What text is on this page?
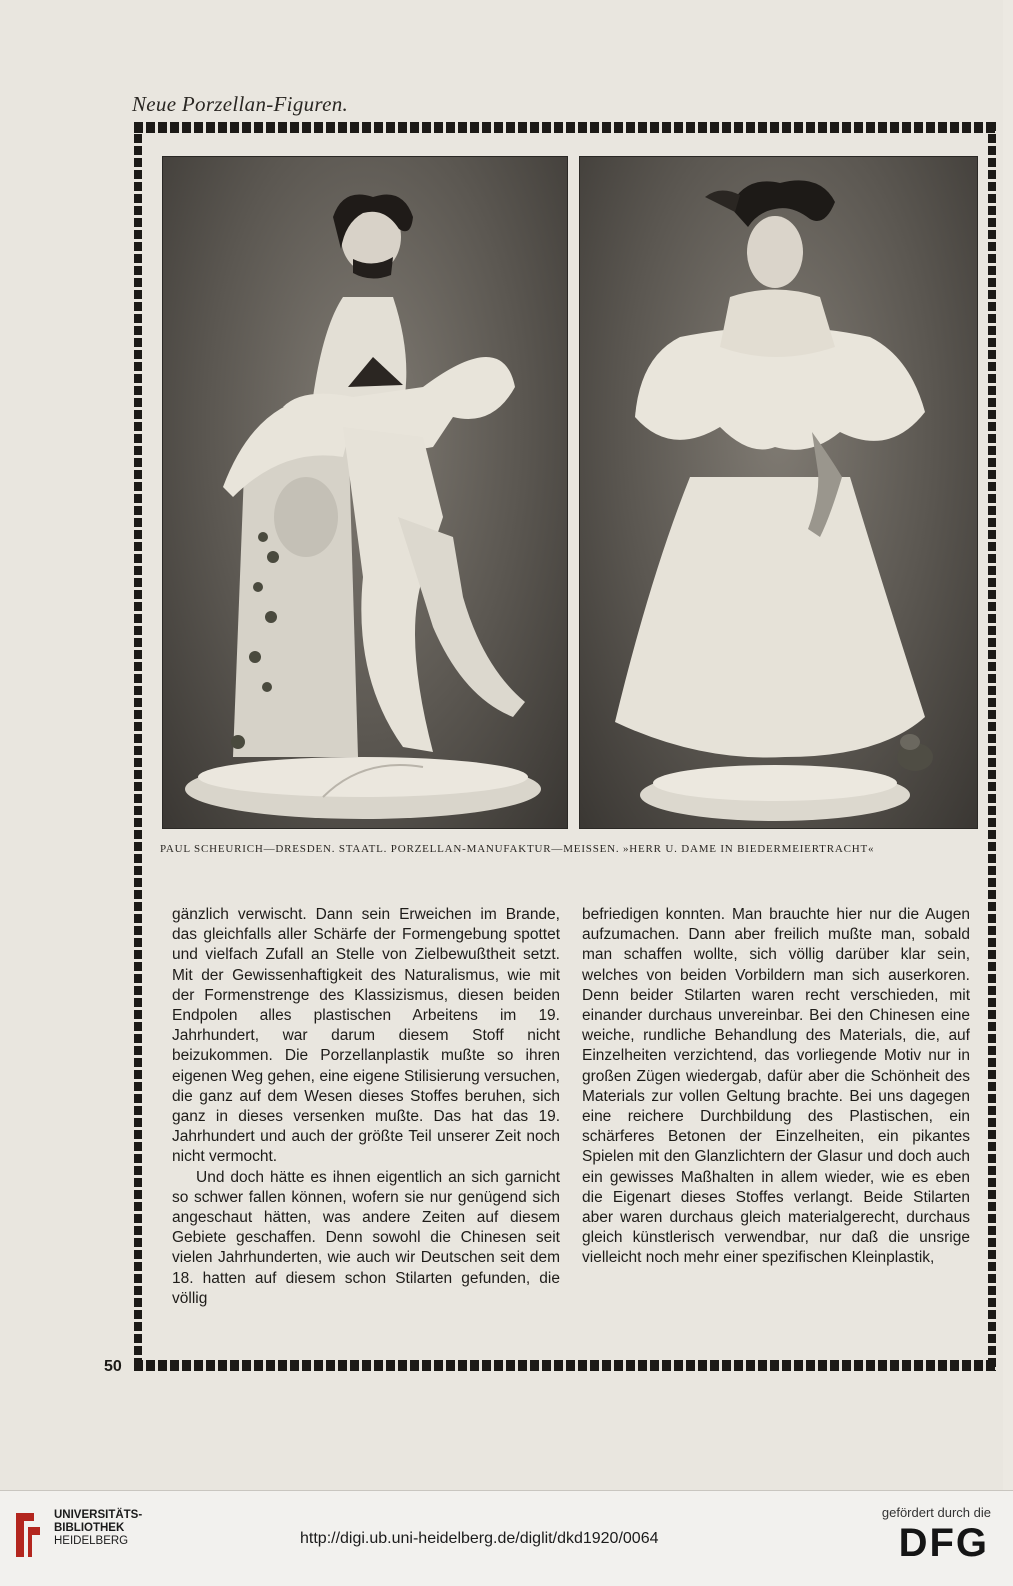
Neue Porzellan-Figuren.
PAUL SCHEURICH—DRESDEN. STAATL. PORZELLAN-MANUFAKTUR—MEISSEN. »HERR U. DAME IN BIEDERMEIERTRACHT«

gänzlich verwischt. Dann sein Erweichen im Brande, das gleichfalls aller Schärfe der Formengebung spottet und vielfach Zufall an Stelle von Zielbewußtheit setzt. Mit der Gewissenhaftigkeit des Naturalismus, wie mit der Formenstrenge des Klassizismus, diesen beiden Endpolen alles plastischen Arbeitens im 19. Jahrhundert, war darum diesem Stoff nicht beizukommen. Die Porzellanplastik mußte so ihren eigenen Weg gehen, eine eigene Stilisierung versuchen, die ganz auf dem Wesen dieses Stoffes beruhen, sich ganz in dieses versenken mußte. Das hat das 19. Jahrhundert und auch der größte Teil unserer Zeit noch nicht vermocht.

Und doch hätte es ihnen eigentlich an sich garnicht so schwer fallen können, wofern sie nur genügend sich angeschaut hätten, was andere Zeiten auf diesem Gebiete geschaffen. Denn sowohl die Chinesen seit vielen Jahrhunderten, wie auch wir Deutschen seit dem 18. hatten auf diesem schon Stilarten gefunden, die völlig

befriedigen konnten. Man brauchte hier nur die Augen aufzumachen. Dann aber freilich mußte man, sobald man schaffen wollte, sich völlig darüber klar sein, welches von beiden Vorbildern man sich auserkoren. Denn beider Stilarten waren recht verschieden, mit einander durchaus unvereinbar. Bei den Chinesen eine weiche, rundliche Behandlung des Materials, die, auf Einzelheiten verzichtend, das vorliegende Motiv nur in großen Zügen wiedergab, dafür aber die Schönheit des Materials zur vollen Geltung brachte. Bei uns dagegen eine reichere Durchbildung des Plastischen, ein schärferes Betonen der Einzelheiten, ein pikantes Spielen mit den Glanzlichtern der Glasur und doch auch ein gewisses Maßhalten in allem wieder, wie es eben die Eigenart dieses Stoffes verlangt. Beide Stilarten aber waren durchaus gleich materialgerecht, durchaus gleich künstlerisch verwendbar, nur daß die unsrige vielleicht noch mehr einer spezifischen Kleinplastik,

50
UNIVERSITÄTS-
BIBLIOTHEK
HEIDELBERG	http://digi.ub.uni-heidelberg.de/diglit/dkd1920/0064
gefördert durch die
DFG
